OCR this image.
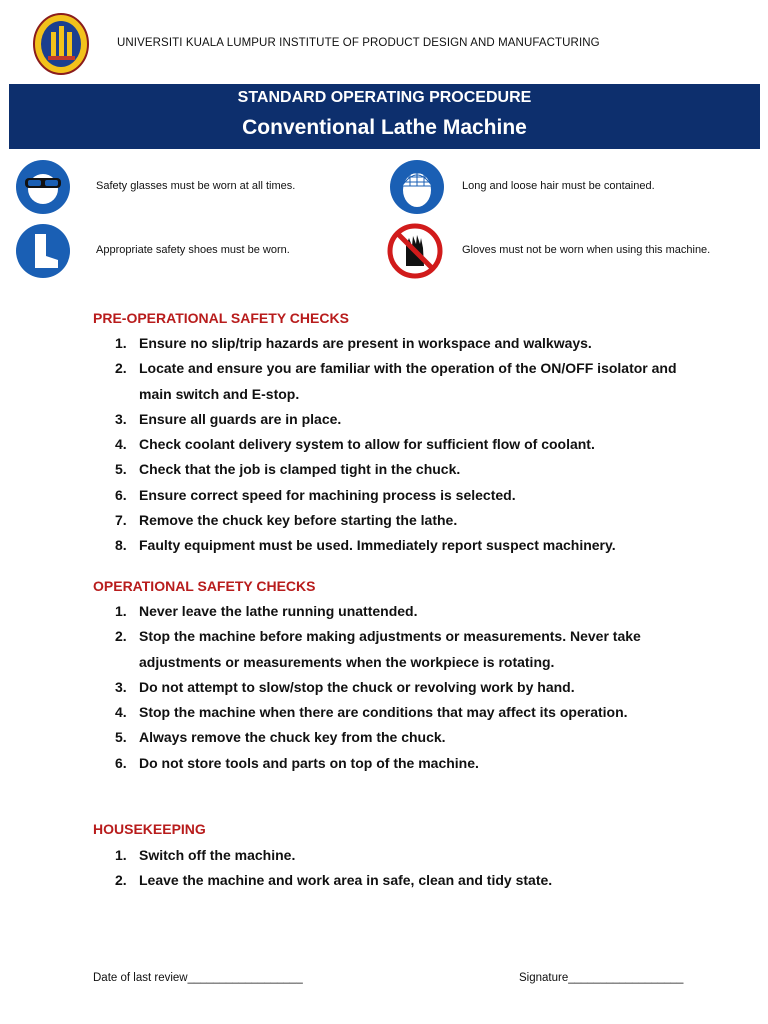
UNIVERSITI KUALA LUMPUR INSTITUTE OF PRODUCT DESIGN AND MANUFACTURING
STANDARD OPERATING PROCEDURE
Conventional Lathe Machine
Safety glasses must be worn at all times.	Long and loose hair must be contained.
Appropriate safety shoes must be worn.	Gloves must not be worn when using this machine.
PRE-OPERATIONAL SAFETY CHECKS
1. Ensure no slip/trip hazards are present in workspace and walkways.
2. Locate and ensure you are familiar with the operation of the ON/OFF isolator and main switch and E-stop.
3. Ensure all guards are in place.
4. Check coolant delivery system to allow for sufficient flow of coolant.
5. Check that the job is clamped tight in the chuck.
6. Ensure correct speed for machining process is selected.
7. Remove the chuck key before starting the lathe.
8. Faulty equipment must be used. Immediately report suspect machinery.
OPERATIONAL SAFETY CHECKS
1. Never leave the lathe running unattended.
2. Stop the machine before making adjustments or measurements. Never take adjustments or measurements when the workpiece is rotating.
3. Do not attempt to slow/stop the chuck or revolving work by hand.
4. Stop the machine when there are conditions that may affect its operation.
5. Always remove the chuck key from the chuck.
6. Do not store tools and parts on top of the machine.
HOUSEKEEPING
1. Switch off the machine.
2. Leave the machine and work area in safe, clean and tidy state.
Date of last review__________________	Signature__________________
